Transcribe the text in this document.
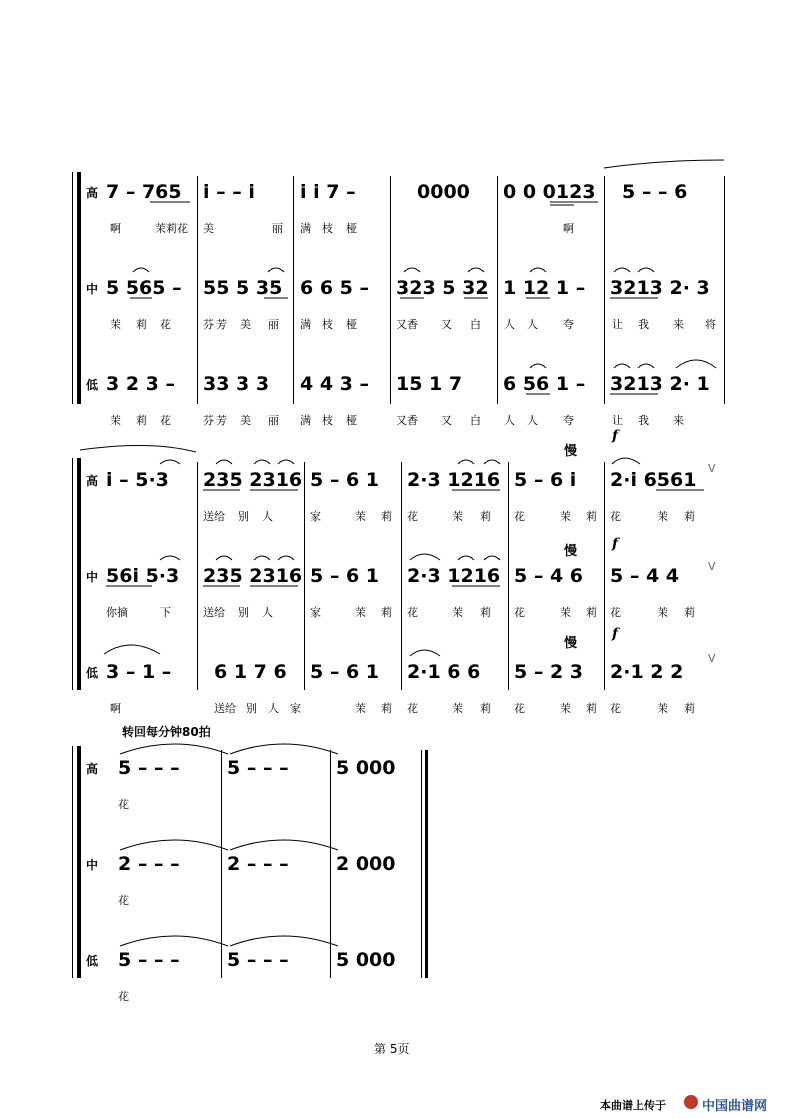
高
中
低
7 – 765 i – – i i i 7 –	0000 0 0 0123 5 – – 6
啊	茉莉花 美	丽 满 枝 桠	啊
5 565 – 55 5 35 6 6 5 – 323 5 32 1 12 1 – 3213 2· 3
茉 莉 花	芬 芳 美 丽 满 枝 桠	又香 又 白 人 人 夸	让 我 来 将
3 2 3 – 33 3 3 4 4 3 – 15 1 7 6 56 1 – 3213 2· 1
茉 莉 花	芬 芳 美 丽 满 枝 桠	又香 又 白 人 人 夸	让 我 来
高
中
低
慢
慢
慢
f
f
f
V
V
V
i – 5·3 235 2316 5 – 6 1 2·3 1216 5 – 6 i 2·i 6561
送给 别 人	家	茉 莉 花	茉 莉 花	茉 莉 花	茉 莉
56i 5·3 235 2316 5 – 6 1 2·3 1216 5 – 4 6 5 – 4 4
你摘	下	送给 别 人	家	茉 莉 花	茉 莉 花	茉 莉 花	茉 莉
3 – 1 – 6 1 7 6 5 – 6 1 2·1 6 6 5 – 2 3 2·1 2 2
啊	送给 别 人 家	茉 莉 花	茉 莉 花	茉 莉 花	茉 莉
转回每分钟80拍
高
中
低
5 – – – 5 – – – 5 000
花
2 – – – 2 – – – 2 000
花
5 – – – 5 – – – 5 000
花
第 5页
本曲谱上传于	中国曲谱网
